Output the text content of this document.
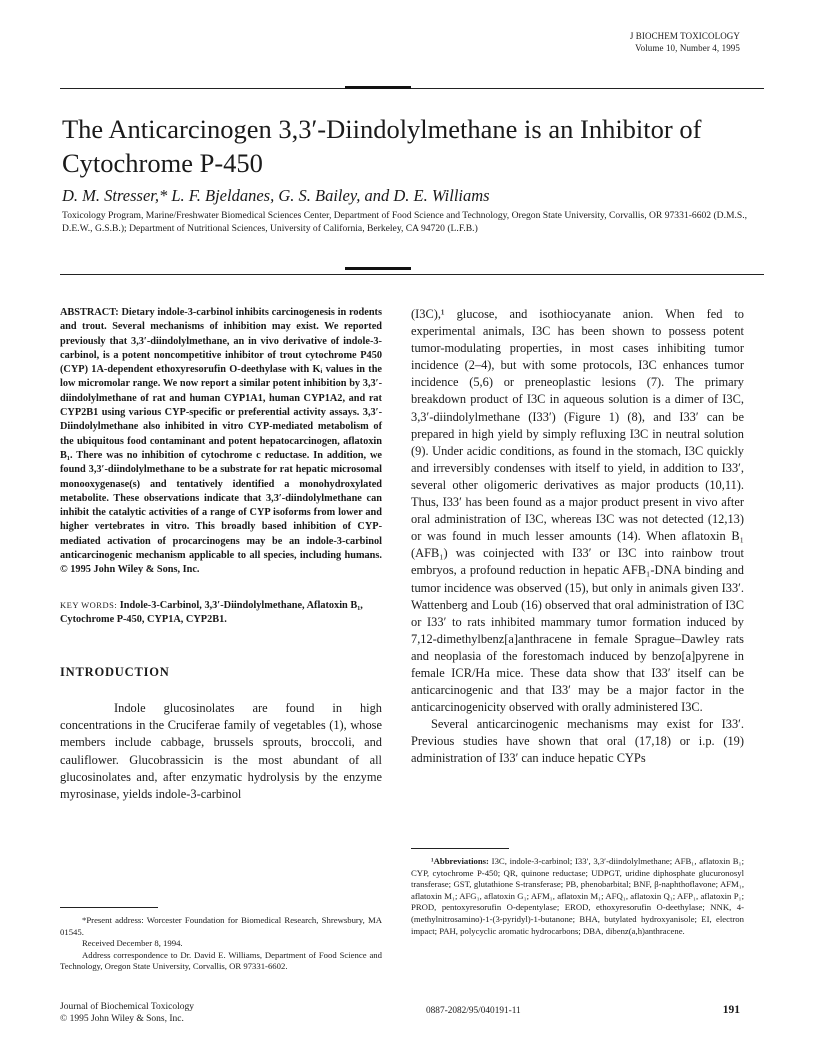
J BIOCHEM TOXICOLOGY
Volume 10, Number 4, 1995
The Anticarcinogen 3,3′-Diindolylmethane is an Inhibitor of Cytochrome P-450
D. M. Stresser,* L. F. Bjeldanes, G. S. Bailey, and D. E. Williams
Toxicology Program, Marine/Freshwater Biomedical Sciences Center, Department of Food Science and Technology, Oregon State University, Corvallis, OR 97331-6602 (D.M.S., D.E.W., G.S.B.); Department of Nutritional Sciences, University of California, Berkeley, CA 94720 (L.F.B.)
ABSTRACT: Dietary indole-3-carbinol inhibits carcinogenesis in rodents and trout. Several mechanisms of inhibition may exist. We reported previously that 3,3′-diindolylmethane, an in vivo derivative of indole-3-carbinol, is a potent noncompetitive inhibitor of trout cytochrome P450 (CYP) 1A-dependent ethoxyresorufin O-deethylase with Kᵢ values in the low micromolar range. We now report a similar potent inhibition by 3,3′-diindolylmethane of rat and human CYP1A1, human CYP1A2, and rat CYP2B1 using various CYP-specific or preferential activity assays. 3,3′-Diindolylmethane also inhibited in vitro CYP-mediated metabolism of the ubiquitous food contaminant and potent hepatocarcinogen, aflatoxin B₁. There was no inhibition of cytochrome c reductase. In addition, we found 3,3′-diindolylmethane to be a substrate for rat hepatic microsomal monooxygenase(s) and tentatively identified a monohydroxylated metabolite. These observations indicate that 3,3′-diindolylmethane can inhibit the catalytic activities of a range of CYP isoforms from lower and higher vertebrates in vitro. This broadly based inhibition of CYP-mediated activation of procarcinogens may be an indole-3-carbinol anticarcinogenic mechanism applicable to all species, including humans. © 1995 John Wiley & Sons, Inc.
KEY WORDS: Indole-3-Carbinol, 3,3′-Diindolylmethane, Aflatoxin B₁, Cytochrome P-450, CYP1A, CYP2B1.
INTRODUCTION

Indole glucosinolates are found in high concentrations in the Cruciferae family of vegetables (1), whose members include cabbage, brussels sprouts, broccoli, and cauliflower. Glucobrassicin is the most abundant of all glucosinolates and, after enzymatic hydrolysis by the enzyme myrosinase, yields indole-3-carbinol

(I3C),¹ glucose, and isothiocyanate anion. When fed to experimental animals, I3C has been shown to possess potent tumor-modulating properties, in most cases inhibiting tumor incidence (2–4), but with some protocols, I3C enhances tumor incidence (5,6) or preneoplastic lesions (7). The primary breakdown product of I3C in aqueous solution is a dimer of I3C, 3,3′-diindolylmethane (I33′) (Figure 1) (8), and I33′ can be prepared in high yield by simply refluxing I3C in neutral solution (9). Under acidic conditions, as found in the stomach, I3C quickly and irreversibly condenses with itself to yield, in addition to I33′, several other oligomeric derivatives as major products (10,11). Thus, I33′ has been found as a major product present in vivo after oral administration of I3C, whereas I3C was not detected (12,13) or was found in much lesser amounts (14). When aflatoxin B₁ (AFB₁) was coinjected with I33′ or I3C into rainbow trout embryos, a profound reduction in hepatic AFB₁-DNA binding and tumor incidence was observed (15), but only in animals given I33′. Wattenberg and Loub (16) observed that oral administration of I3C or I33′ to rats inhibited mammary tumor formation induced by 7,12-dimethylbenz[a]anthracene in female Sprague–Dawley rats and neoplasia of the forestomach induced by benzo[a]pyrene in female ICR/Ha mice. These data show that I33′ itself can be anticarcinogenic and that I33′ may be a major factor in the anticarcinogenicity observed with orally administered I3C.

Several anticarcinogenic mechanisms may exist for I33′. Previous studies have shown that oral (17,18) or i.p. (19) administration of I33′ can induce hepatic CYPs

*Present address: Worcester Foundation for Biomedical Research, Shrewsbury, MA 01545.

Received December 8, 1994.

Address correspondence to Dr. David E. Williams, Department of Food Science and Technology, Oregon State University, Corvallis, OR 97331-6602.

¹Abbreviations: I3C, indole-3-carbinol; I33′, 3,3′-diindolylmethane; AFB₁, aflatoxin B₁; CYP, cytochrome P-450; QR, quinone reductase; UDPGT, uridine diphosphate glucuronosyl transferase; GST, glutathione S-transferase; PB, phenobarbital; BNF, β-naphthoflavone; AFM₁, aflatoxin M₁; AFG₁, aflatoxin G₁; AFM₁, aflatoxin M₁; AFQ₁, aflatoxin Q₁; AFP₁, aflatoxin P₁; PROD, pentoxyresorufin O-depentylase; EROD, ethoxyresorufin O-deethylase; NNK, 4-(methylnitrosamino)-1-(3-pyridyl)-1-butanone; BHA, butylated hydroxyanisole; EI, electron impact; PAH, polycyclic aromatic hydrocarbons; DBA, dibenz(a,h)anthracene.

Journal of Biochemical Toxicology
© 1995 John Wiley & Sons, Inc.
0887-2082/95/040191-11	191
